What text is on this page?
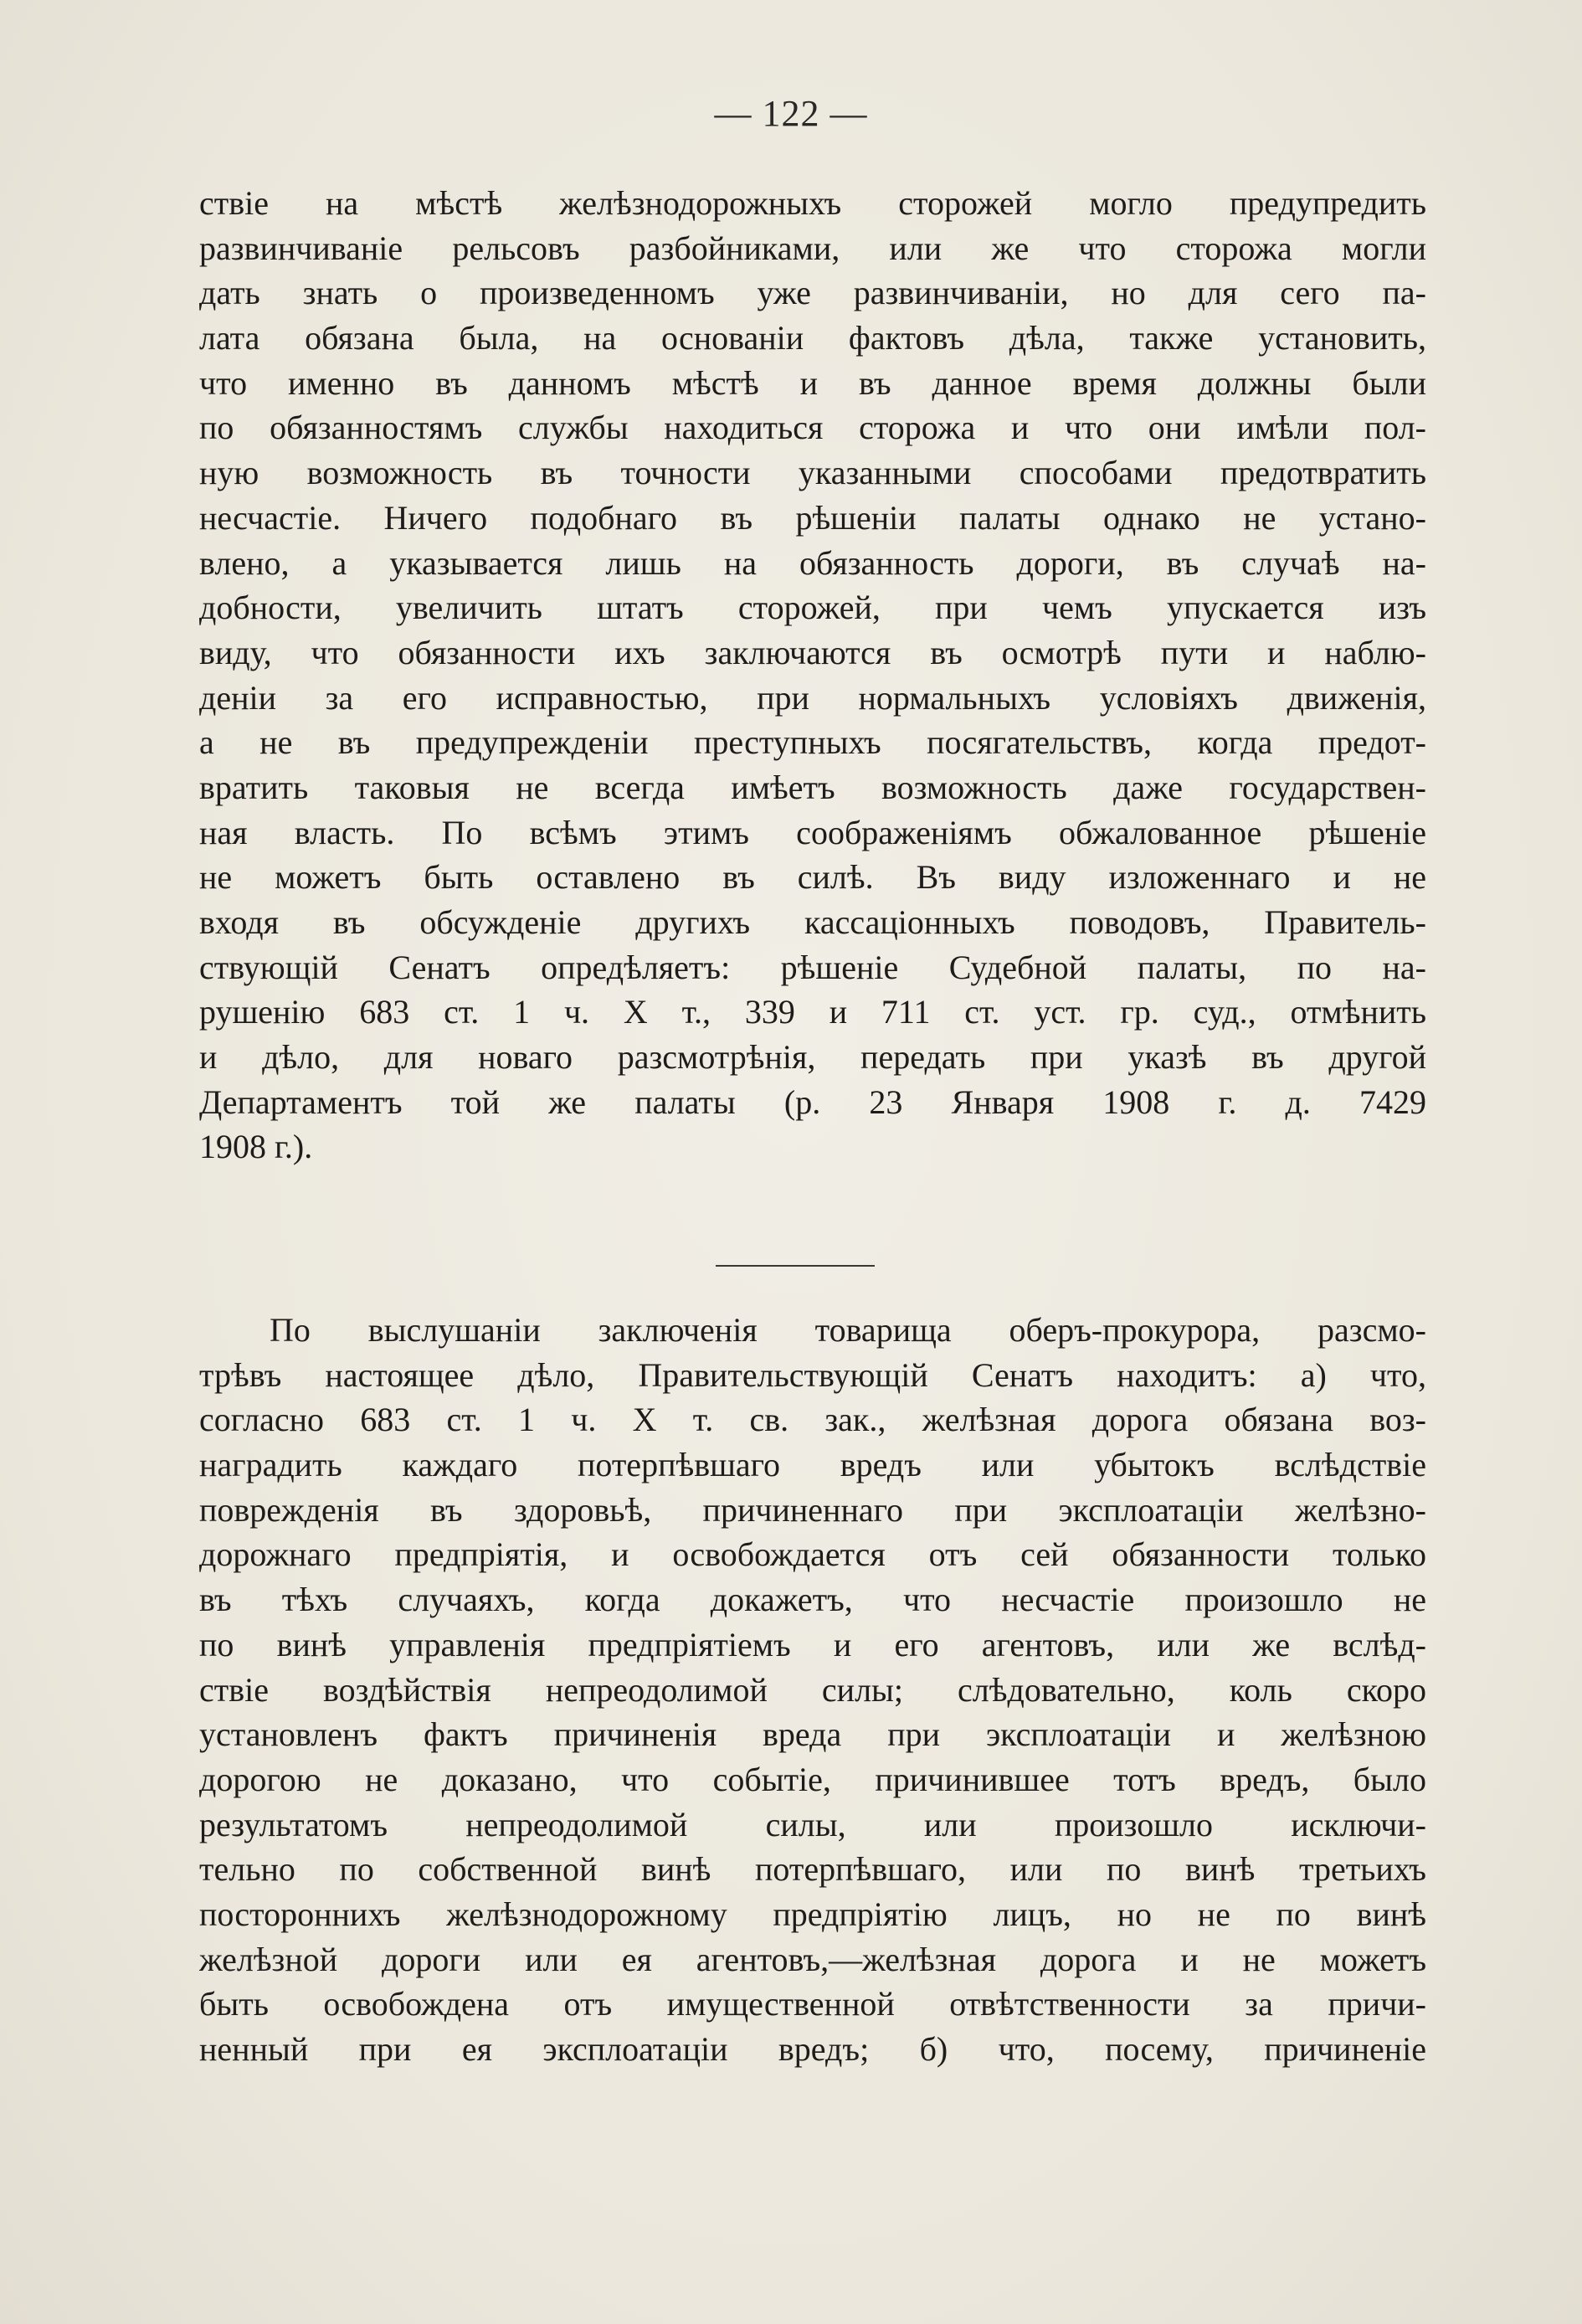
— 122 —
ствіе на мѣстѣ желѣзнодорожныхъ сторожей могло предупредить
развинчиваніе рельсовъ разбойниками, или же что сторожа могли
дать знать о произведенномъ уже развинчиваніи, но для сего па-
лата обязана была, на основаніи фактовъ дѣла, также установить,
что именно въ данномъ мѣстѣ и въ данное время должны были
по обязанностямъ службы находиться сторожа и что они имѣли пол-
ную возможность въ точности указанными способами предотвратить
несчастіе. Ничего подобнаго въ рѣшеніи палаты однако не устано-
влено, а указывается лишь на обязанность дороги, въ случаѣ на-
добности, увеличить штатъ сторожей, при чемъ упускается изъ
виду, что обязанности ихъ заключаются въ осмотрѣ пути и наблю-
деніи за его исправностью, при нормальныхъ условіяхъ движенія,
а не въ предупрежденіи преступныхъ посягательствъ, когда предот-
вратить таковыя не всегда имѣетъ возможность даже государствен-
ная власть. По всѣмъ этимъ соображеніямъ обжалованное рѣшеніе
не можетъ быть оставлено въ силѣ. Въ виду изложеннаго и не
входя въ обсужденіе другихъ кассаціонныхъ поводовъ, Правитель-
ствующій Сенатъ опредѣляетъ: рѣшеніе Судебной палаты, по на-
рушенію 683 ст. 1 ч. X т., 339 и 711 ст. уст. гр. суд., отмѣнить
и дѣло, для новаго разсмотрѣнія, передать при указѣ въ другой
Департаментъ той же палаты (р. 23 Января 1908 г. д. 7429
1908 г.).
По выслушаніи заключенія товарища оберъ-прокурора, разсмо-
трѣвъ настоящее дѣло, Правительствующій Сенатъ находитъ: а) что,
согласно 683 ст. 1 ч. X т. св. зак., желѣзная дорога обязана воз-
наградить каждаго потерпѣвшаго вредъ или убытокъ вслѣдствіе
поврежденія въ здоровьѣ, причиненнаго при эксплоатаціи желѣзно-
дорожнаго предпріятія, и освобождается отъ сей обязанности только
въ тѣхъ случаяхъ, когда докажетъ, что несчастіе произошло не
по винѣ управленія предпріятіемъ и его агентовъ, или же вслѣд-
ствіе воздѣйствія непреодолимой силы; слѣдовательно, коль скоро
установленъ фактъ причиненія вреда при эксплоатаціи и желѣзною
дорогою не доказано, что событіе, причинившее тотъ вредъ, было
результатомъ непреодолимой силы, или произошло исключи-
тельно по собственной винѣ потерпѣвшаго, или по винѣ третьихъ
постороннихъ желѣзнодорожному предпріятію лицъ, но не по винѣ
желѣзной дороги или ея агентовъ,—желѣзная дорога и не можетъ
быть освобождена отъ имущественной отвѣтственности за причи-
ненный при ея эксплоатаціи вредъ; б) что, посему, причиненіе
